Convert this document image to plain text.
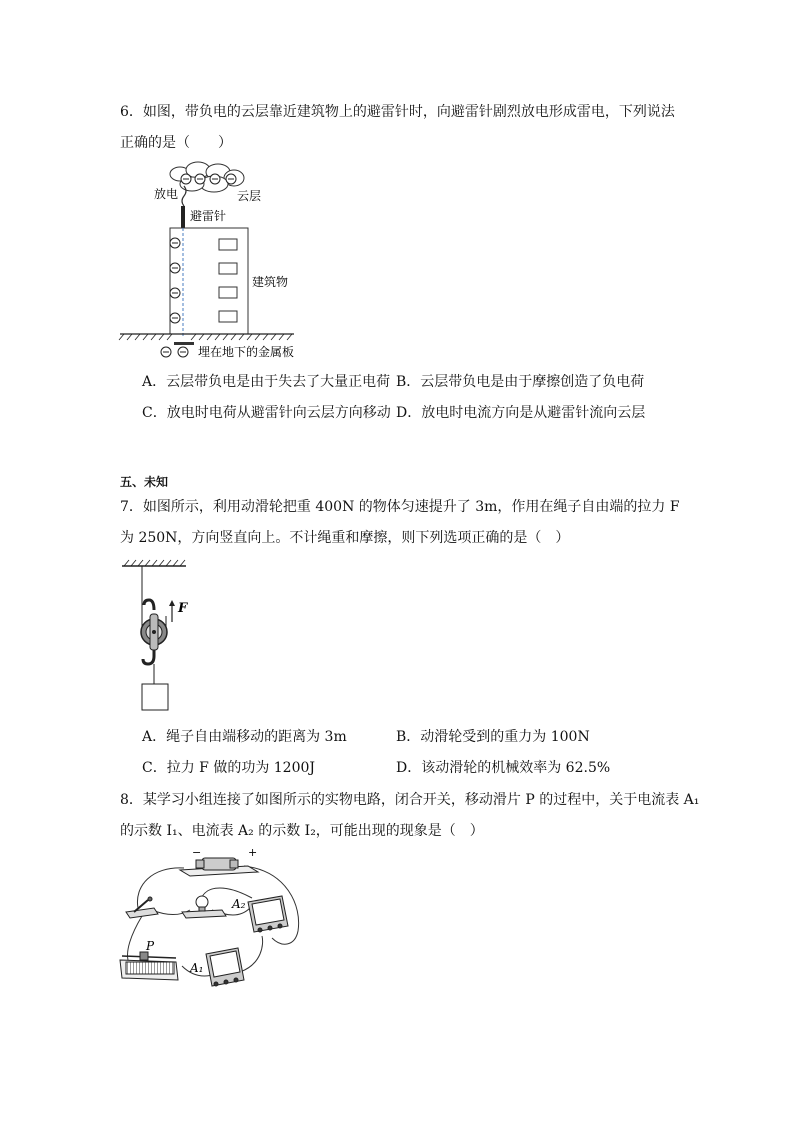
6．如图，带负电的云层靠近建筑物上的避雷针时，向避雷针剧烈放电形成雷电，下列说法
正确的是（　　）
放电	云层
避雷针
建筑物
埋在地下的金属板
A．云层带负电是由于失去了大量正电荷 B．云层带负电是由于摩擦创造了负电荷
C．放电时电荷从避雷针向云层方向移动 D．放电时电流方向是从避雷针流向云层
五、未知
7．如图所示，利用动滑轮把重 400N 的物体匀速提升了 3m，作用在绳子自由端的拉力 F
为 250N，方向竖直向上。不计绳重和摩擦，则下列选项正确的是（　）
F
A．绳子自由端移动的距离为 3m	B．动滑轮受到的重力为 100N
C．拉力 F 做的功为 1200J	D．该动滑轮的机械效率为 62.5%
8．某学习小组连接了如图所示的实物电路，闭合开关，移动滑片 P 的过程中，关于电流表 A₁
的示数 I₁、电流表 A₂ 的示数 I₂，可能出现的现象是（　）
−	+
A₂
P
A₁
